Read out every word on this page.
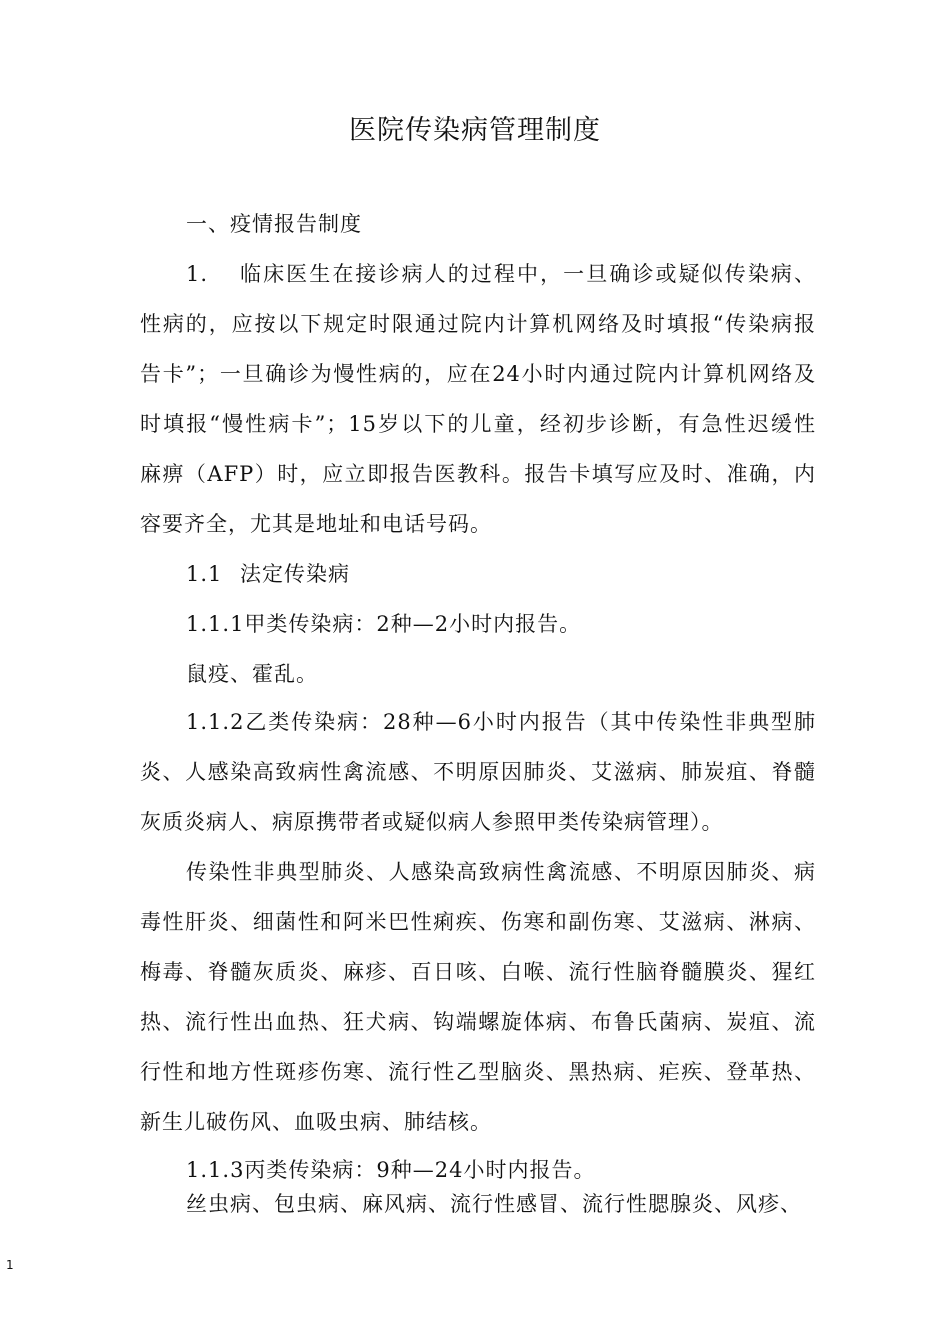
医院传染病管理制度
一、疫情报告制度
1. 临床医生在接诊病人的过程中，一旦确诊或疑似传染病、
性病的，应按以下规定时限通过院内计算机网络及时填报“传染病报
告卡”；一旦确诊为慢性病的，应在24小时内通过院内计算机网络及
时填报“慢性病卡”；15岁以下的儿童，经初步诊断，有急性迟缓性
麻痹（AFP）时，应立即报告医教科。报告卡填写应及时、准确，内
容要齐全，尤其是地址和电话号码。
1.1 法定传染病
1.1.1甲类传染病：2种—2小时内报告。
鼠疫、霍乱。
1.1.2乙类传染病：28种—6小时内报告（其中传染性非典型肺
炎、人感染高致病性禽流感、不明原因肺炎、艾滋病、肺炭疽、脊髓
灰质炎病人、病原携带者或疑似病人参照甲类传染病管理）。
传染性非典型肺炎、人感染高致病性禽流感、不明原因肺炎、病
毒性肝炎、细菌性和阿米巴性痢疾、伤寒和副伤寒、艾滋病、淋病、
梅毒、脊髓灰质炎、麻疹、百日咳、白喉、流行性脑脊髓膜炎、猩红
热、流行性出血热、狂犬病、钩端螺旋体病、布鲁氏菌病、炭疽、流
行性和地方性斑疹伤寒、流行性乙型脑炎、黑热病、疟疾、登革热、
新生儿破伤风、血吸虫病、肺结核。
1.1.3丙类传染病：9种—24小时内报告。
丝虫病、包虫病、麻风病、流行性感冒、流行性腮腺炎、风疹、
1
